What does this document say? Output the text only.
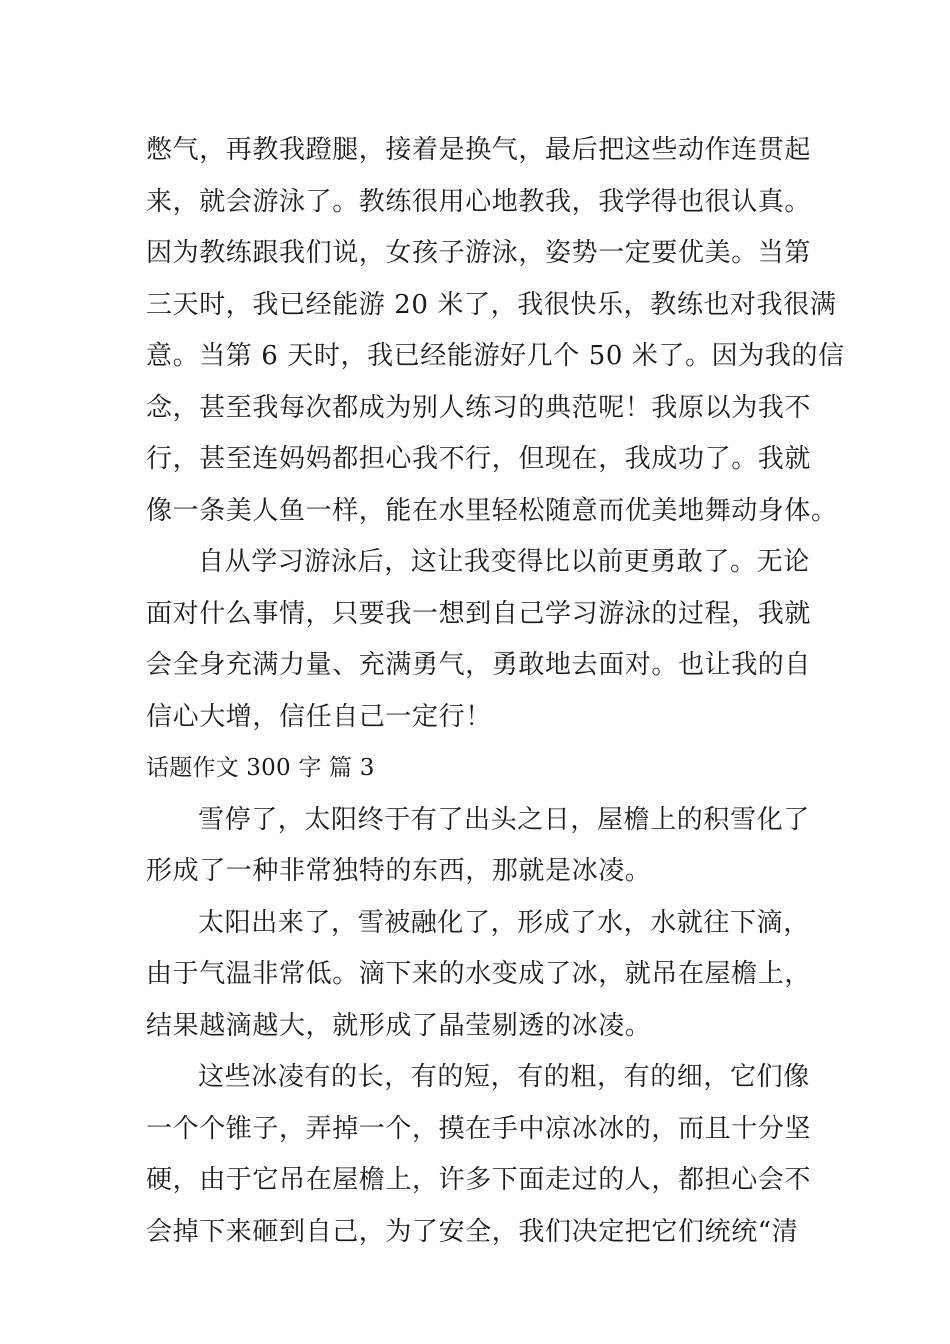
憋气，再教我蹬腿，接着是换气，最后把这些动作连贯起
来，就会游泳了。教练很用心地教我，我学得也很认真。
因为教练跟我们说，女孩子游泳，姿势一定要优美。当第
三天时，我已经能游 20 米了，我很快乐，教练也对我很满
意。当第 6 天时，我已经能游好几个 50 米了。因为我的信
念，甚至我每次都成为别人练习的典范呢！我原以为我不
行，甚至连妈妈都担心我不行，但现在，我成功了。我就
像一条美人鱼一样，能在水里轻松随意而优美地舞动身体。
自从学习游泳后，这让我变得比以前更勇敢了。无论
面对什么事情，只要我一想到自己学习游泳的过程，我就
会全身充满力量、充满勇气，勇敢地去面对。也让我的自
信心大增，信任自己一定行！
话题作文 300 字 篇 3
雪停了，太阳终于有了出头之日，屋檐上的积雪化了
形成了一种非常独特的东西，那就是冰凌。
太阳出来了，雪被融化了，形成了水，水就往下滴，
由于气温非常低。滴下来的水变成了冰，就吊在屋檐上，
结果越滴越大，就形成了晶莹剔透的冰凌。
这些冰凌有的长，有的短，有的粗，有的细，它们像
一个个锥子，弄掉一个，摸在手中凉冰冰的，而且十分坚
硬，由于它吊在屋檐上，许多下面走过的人，都担心会不
会掉下来砸到自己，为了安全，我们决定把它们统统“清
